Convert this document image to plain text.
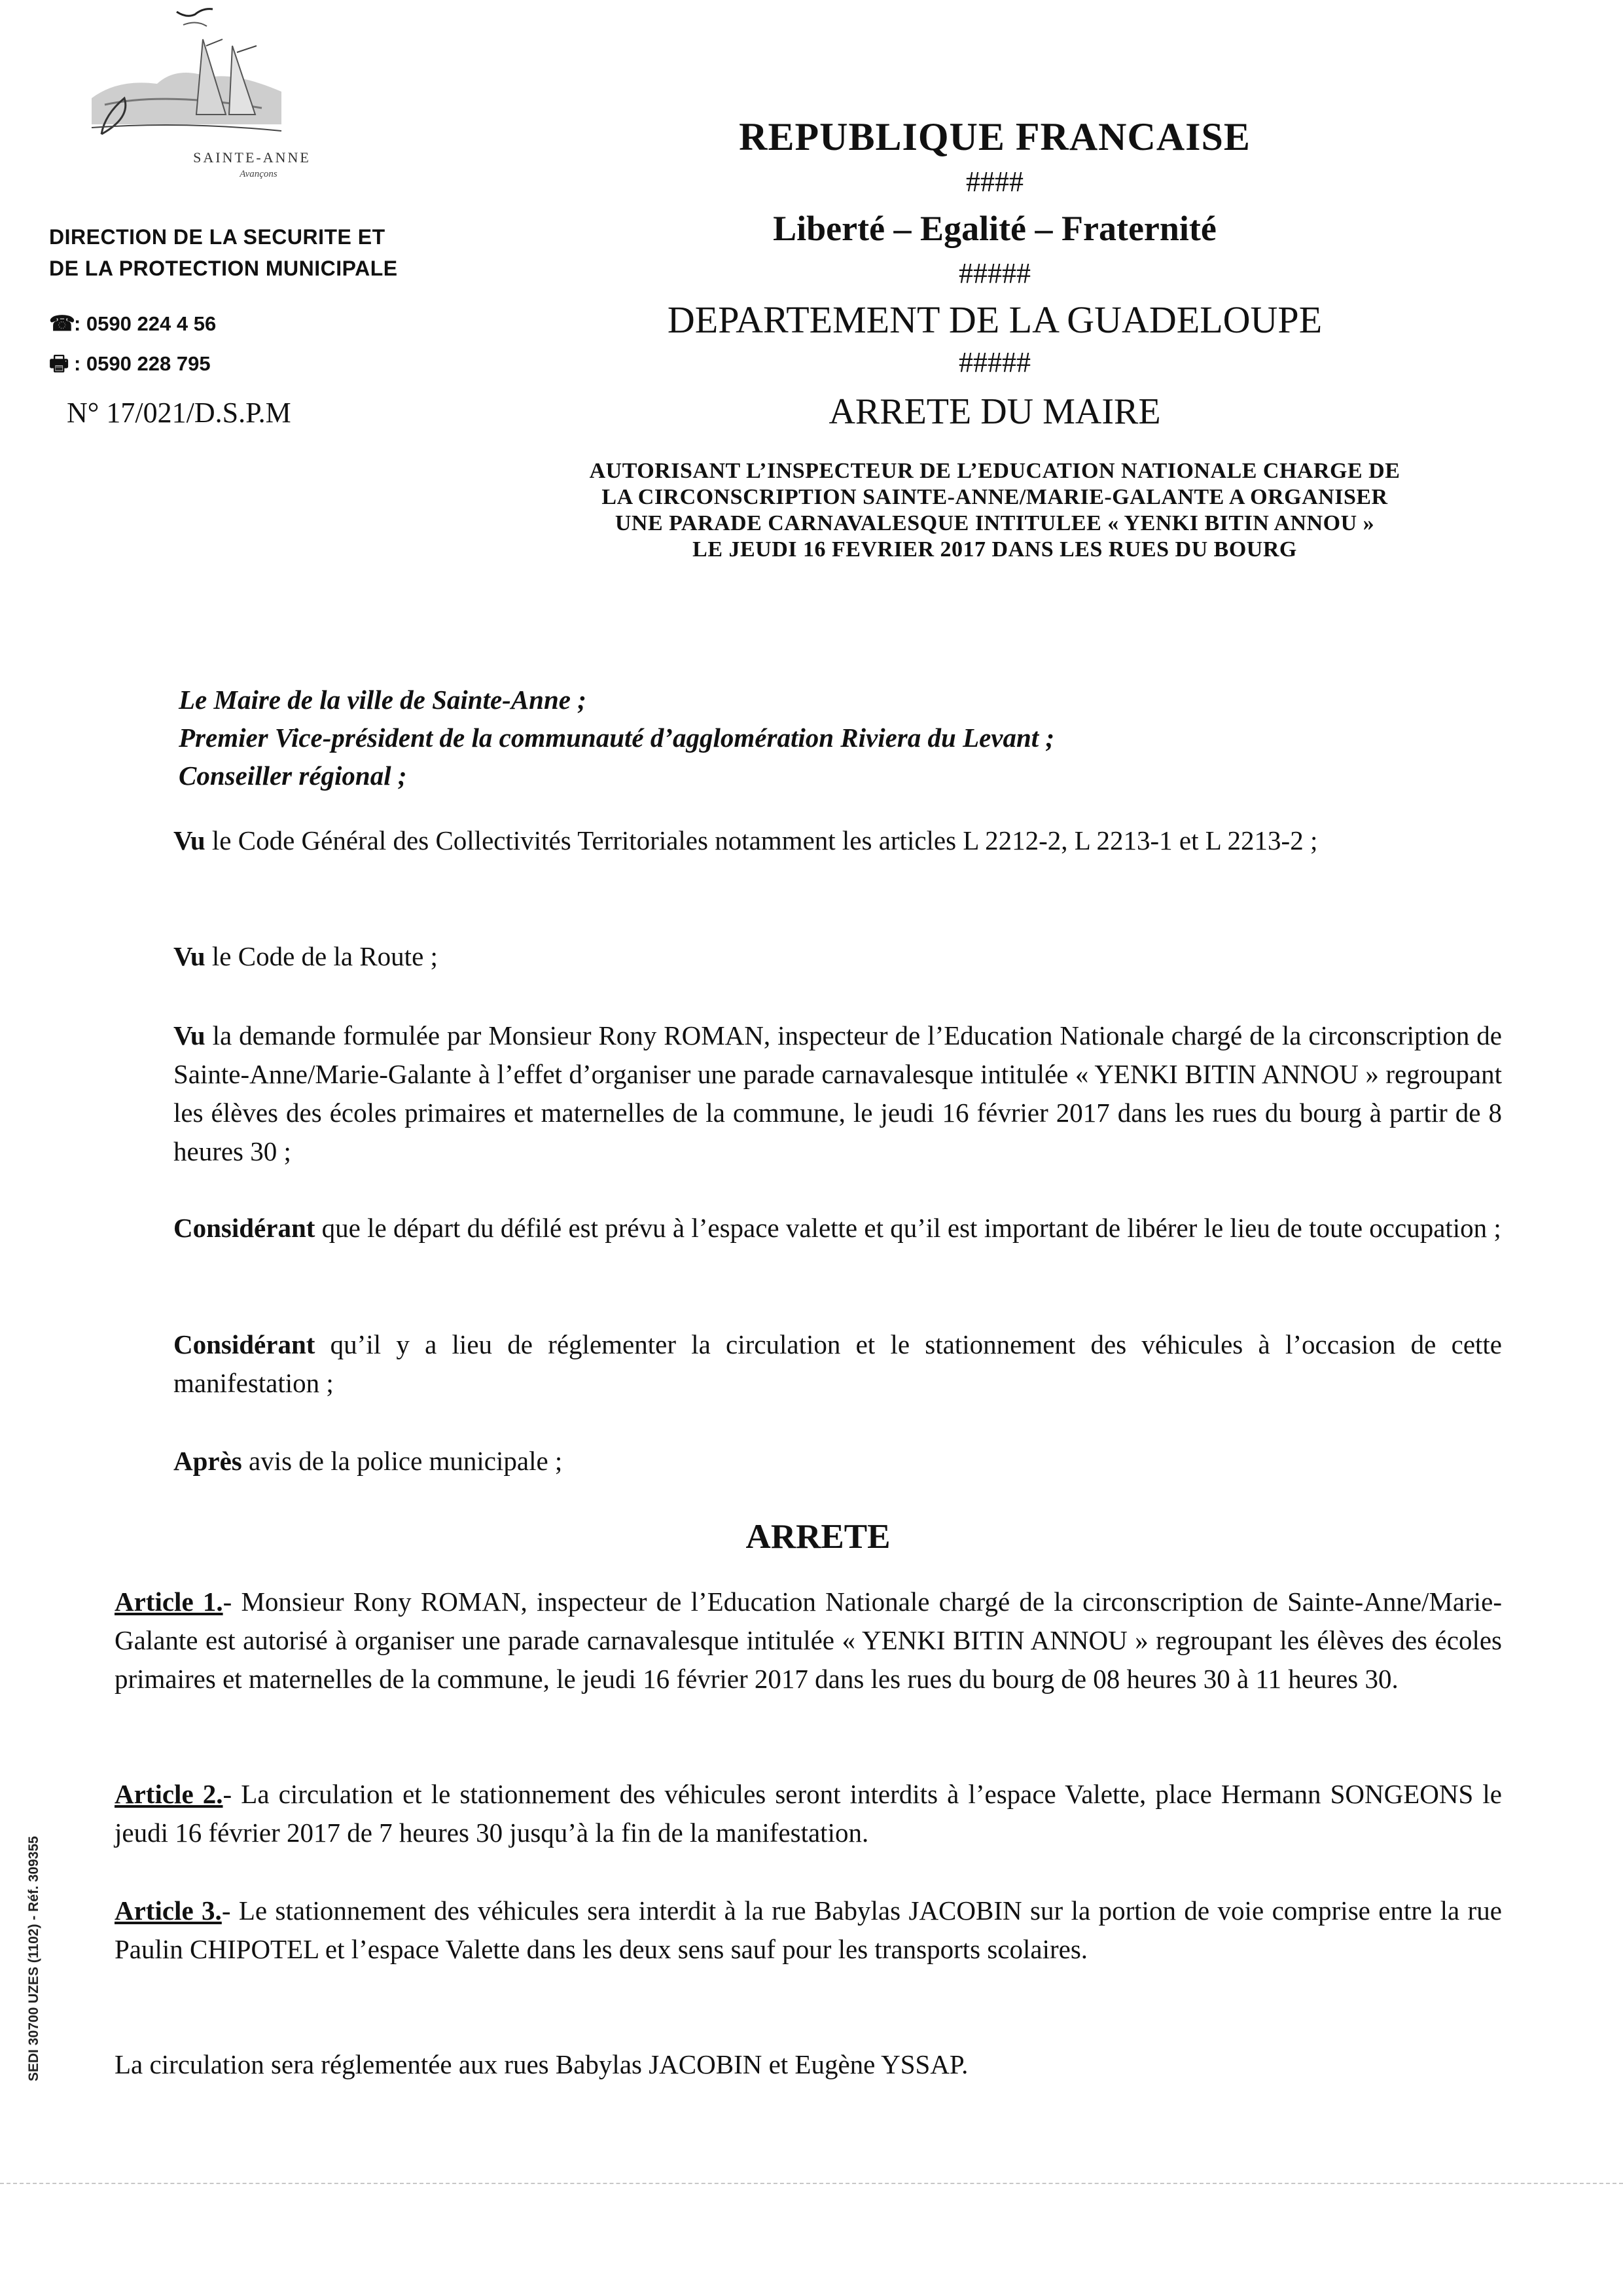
SAINTE-ANNE
Avançons
DIRECTION DE LA SECURITE ET
DE LA PROTECTION MUNICIPALE
☎: 0590 224 4 56
🖶 : 0590 228 795
N° 17/021/D.S.P.M
REPUBLIQUE FRANCAISE
####
Liberté – Egalité – Fraternité
#####
DEPARTEMENT DE LA GUADELOUPE
#####
ARRETE DU MAIRE
AUTORISANT L’INSPECTEUR DE L’EDUCATION NATIONALE CHARGE DE
LA CIRCONSCRIPTION SAINTE-ANNE/MARIE-GALANTE A ORGANISER
UNE PARADE CARNAVALESQUE INTITULEE « YENKI BITIN ANNOU »
LE JEUDI 16 FEVRIER 2017 DANS LES RUES DU BOURG
Le Maire de la ville de Sainte-Anne ;
Premier Vice-président de la communauté d’agglomération Riviera du Levant ;
Conseiller régional ;
Vu le Code Général des Collectivités Territoriales notamment les articles L 2212-2, L 2213-1 et L 2213-2 ;
Vu le Code de la Route ;
Vu la demande formulée par Monsieur Rony ROMAN, inspecteur de l’Education Nationale chargé de la circonscription de Sainte-Anne/Marie-Galante à l’effet d’organiser une parade carnavalesque intitulée « YENKI BITIN ANNOU » regroupant les élèves des écoles primaires et maternelles de la commune, le jeudi 16 février 2017 dans les rues du bourg à partir de 8 heures 30 ;
Considérant que le départ du défilé est prévu à l’espace valette et qu’il est important de libérer le lieu de toute occupation ;
Considérant qu’il y a lieu de réglementer la circulation et le stationnement des véhicules à l’occasion de cette manifestation ;
Après avis de la police municipale ;
ARRETE
Article 1.- Monsieur Rony ROMAN, inspecteur de l’Education Nationale chargé de la circonscription de Sainte-Anne/Marie-Galante est autorisé à organiser une parade carnavalesque intitulée « YENKI BITIN ANNOU » regroupant les élèves des écoles primaires et maternelles de la commune, le jeudi 16 février 2017 dans les rues du bourg de 08 heures 30 à 11 heures 30.
Article 2.- La circulation et le stationnement des véhicules seront interdits à l’espace Valette, place Hermann SONGEONS le jeudi 16 février 2017 de 7 heures 30 jusqu’à la fin de la manifestation.
Article 3.- Le stationnement des véhicules sera interdit à la rue Babylas JACOBIN sur la portion de voie comprise entre la rue Paulin CHIPOTEL et l’espace Valette dans les deux sens sauf pour les transports scolaires.
La circulation sera réglementée aux rues Babylas JACOBIN et Eugène YSSAP.
SEDI 30700 UZES (1102) - Réf. 309355
